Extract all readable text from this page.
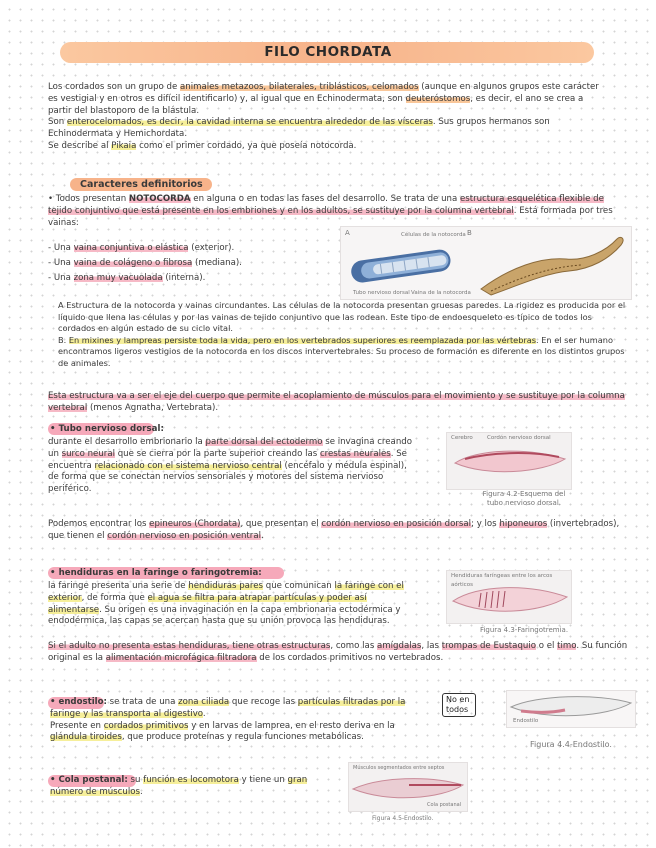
FILO CHORDATA
Los cordados son un grupo de animales metazoos, bilaterales, triblásticos, celomados (aunque en algunos grupos este carácter es vestigial y en otros es difícil identificarlo) y, al igual que en Echinodermata, son deuteróstomos, es decir, el ano se crea a partir del blastoporo de la blástula.
Son enterocelomados, es decir, la cavidad interna se encuentra alrededor de las vísceras. Sus grupos hermanos son Echinodermata y Hemichordata.
Se describe al Pikaia como el primer cordado, ya que poseía notocorda.
Caracteres definitorios
• Todos presentan NOTOCORDA en alguna o en todas las fases del desarrollo. Se trata de una estructura esquelética flexible de tejido conjuntivo que está presente en los embriones y en los adultos, se sustituye por la columna vertebral. Está formada por tres vainas:
- Una vaina conjuntiva o elástica (exterior).
- Una vaina de colágeno o fibrosa (mediana).
- Una zona muy vacuolada (interna).
A	B
Tubo nervioso dorsal Vaina de la notocorda
Células de la notocorda
A Estructura de la notocorda y vainas circundantes. Las células de la notocorda presentan gruesas paredes. La rigidez es producida por el líquido que llena las células y por las vainas de tejido conjuntivo que las rodean. Este tipo de endoesqueleto es típico de todos los cordados en algún estado de su ciclo vital.
B. En mixines y lampreas persiste toda la vida, pero en los vertebrados superiores es reemplazada por las vértebras. En el ser humano encontramos ligeros vestigios de la notocorda en los discos intervertebrales. Su proceso de formación es diferente en los distintos grupos de animales.
Esta estructura va a ser el eje del cuerpo que permite el acoplamiento de músculos para el movimiento y se sustituye por la columna vertebral (menos Agnatha, Vertebrata).
• Tubo nervioso dorsal:
durante el desarrollo embrionario la parte dorsal del ectodermo se invagina creando un surco neural que se cierra por la parte superior creando las crestas neurales. Se encuentra relacionado con el sistema nervioso central (encéfalo y médula espinal), de forma que se conectan nervios sensoriales y motores del sistema nervioso periférico.
Podemos encontrar los epineuros (Chordata), que presentan el cordón nervioso en posición dorsal; y los hiponeuros (invertebrados), que tienen el cordón nervioso en posición ventral.
Cerebro	Cordón nervioso dorsal
Figura 4.2-Esquema del tubo nervioso dorsal.
• hendiduras en la faringe o faringotremia:
la faringe presenta una serie de hendiduras pares que comunican la faringe con el exterior, de forma que el agua se filtra para atrapar partículas y poder así alimentarse. Su origen es una invaginación en la capa embrionaria ectodérmica y endodérmica, las capas se acercan hasta que su unión provoca las hendiduras.
Si el adulto no presenta estas hendiduras, tiene otras estructuras, como las amígdalas, las trompas de Eustaquio o el timo. Su función original es la alimentación microfágica filtradora de los cordados primitivos no vertebrados.
Hendiduras faríngeas entre los arcos aórticos
Figura 4.3-Faringotremia.
• endostilo: se trata de una zona ciliada que recoge las partículas filtradas por la faringe y las transporta al digestivo.
Presente en cordados primitivos y en larvas de lamprea, en el resto deriva en la glándula tiroides, que produce proteínas y regula funciones metabólicas.
No en todos
Endostilo
Figura 4.4-Endostilo.
• Cola postanal: su función es locomotora y tiene un gran número de músculos.
Músculos segmentados entre septos
Cola postanal
Figura 4.5-Endostilo.
